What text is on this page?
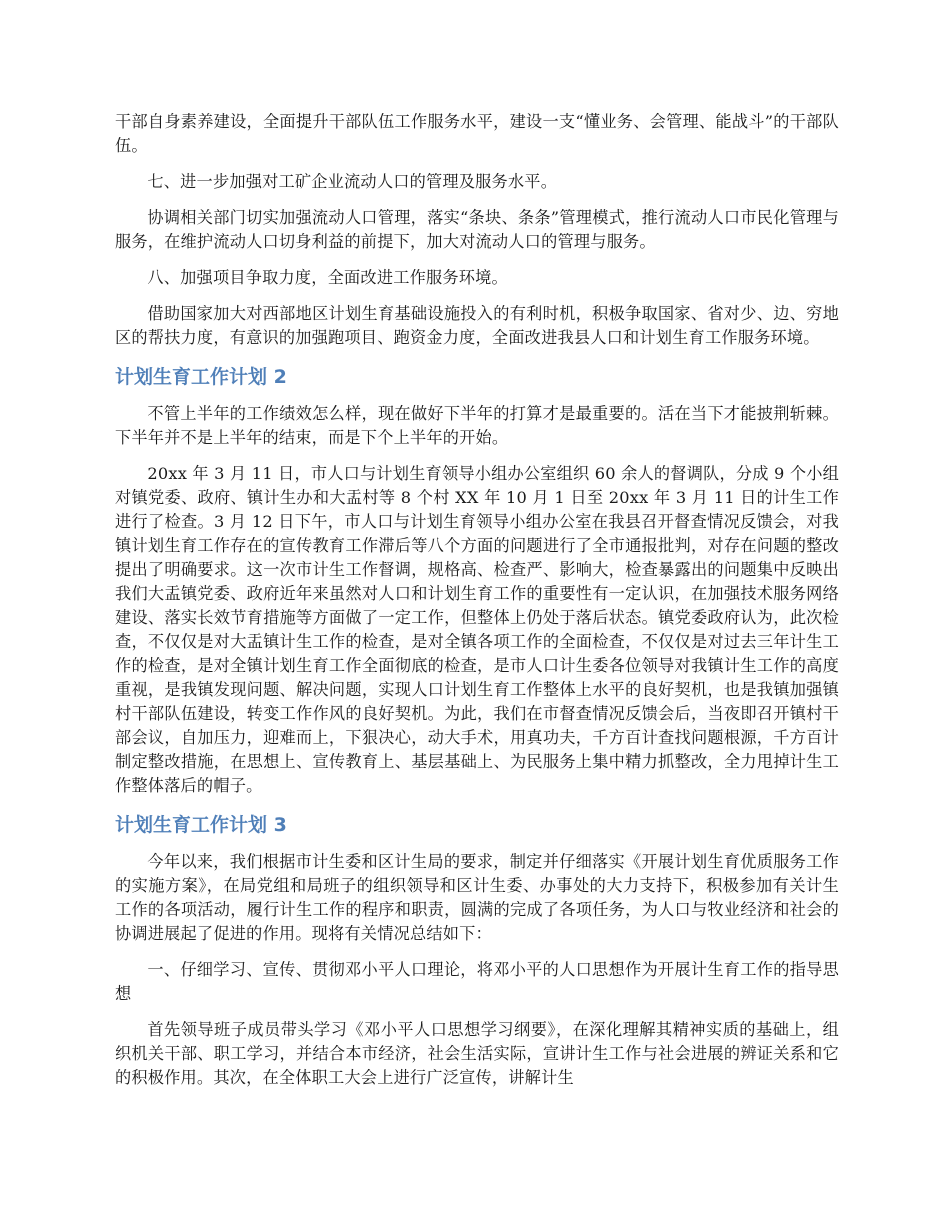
干部自身素养建设，全面提升干部队伍工作服务水平，建设一支“懂业务、会管理、能战斗”的干部队伍。

七、进一步加强对工矿企业流动人口的管理及服务水平。

协调相关部门切实加强流动人口管理，落实“条块、条条”管理模式，推行流动人口市民化管理与服务，在维护流动人口切身利益的前提下，加大对流动人口的管理与服务。

八、加强项目争取力度，全面改进工作服务环境。

借助国家加大对西部地区计划生育基础设施投入的有利时机，积极争取国家、省对少、边、穷地区的帮扶力度，有意识的加强跑项目、跑资金力度，全面改进我县人口和计划生育工作服务环境。

计划生育工作计划 2

不管上半年的工作绩效怎么样，现在做好下半年的打算才是最重要的。活在当下才能披荆斩棘。下半年并不是上半年的结束，而是下个上半年的开始。

20xx 年 3 月 11 日，市人口与计划生育领导小组办公室组织 60 余人的督调队，分成 9 个小组对镇党委、政府、镇计生办和大盂村等 8 个村 XX 年 10 月 1 日至 20xx 年 3 月 11 日的计生工作进行了检查。3 月 12 日下午，市人口与计划生育领导小组办公室在我县召开督查情况反馈会，对我镇计划生育工作存在的宣传教育工作滞后等八个方面的问题进行了全市通报批判，对存在问题的整改提出了明确要求。这一次市计生工作督调，规格高、检查严、影响大，检查暴露出的问题集中反映出我们大盂镇党委、政府近年来虽然对人口和计划生育工作的重要性有一定认识，在加强技术服务网络建设、落实长效节育措施等方面做了一定工作，但整体上仍处于落后状态。镇党委政府认为，此次检查，不仅仅是对大盂镇计生工作的检查，是对全镇各项工作的全面检查，不仅仅是对过去三年计生工作的检查，是对全镇计划生育工作全面彻底的检查，是市人口计生委各位领导对我镇计生工作的高度重视，是我镇发现问题、解决问题，实现人口计划生育工作整体上水平的良好契机，也是我镇加强镇村干部队伍建设，转变工作作风的良好契机。为此，我们在市督查情况反馈会后，当夜即召开镇村干部会议，自加压力，迎难而上，下狠决心，动大手术，用真功夫，千方百计查找问题根源，千方百计制定整改措施，在思想上、宣传教育上、基层基础上、为民服务上集中精力抓整改，全力甩掉计生工作整体落后的帽子。

计划生育工作计划 3

今年以来，我们根据市计生委和区计生局的要求，制定并仔细落实《开展计划生育优质服务工作的实施方案》，在局党组和局班子的组织领导和区计生委、办事处的大力支持下，积极参加有关计生工作的各项活动，履行计生工作的程序和职责，圆满的完成了各项任务，为人口与牧业经济和社会的协调进展起了促进的作用。现将有关情况总结如下：

一、仔细学习、宣传、贯彻邓小平人口理论，将邓小平的人口思想作为开展计生育工作的指导思想

首先领导班子成员带头学习《邓小平人口思想学习纲要》，在深化理解其精神实质的基础上，组织机关干部、职工学习，并结合本市经济，社会生活实际，宣讲计生工作与社会进展的辨证关系和它的积极作用。其次，在全体职工大会上进行广泛宣传，讲解计生
